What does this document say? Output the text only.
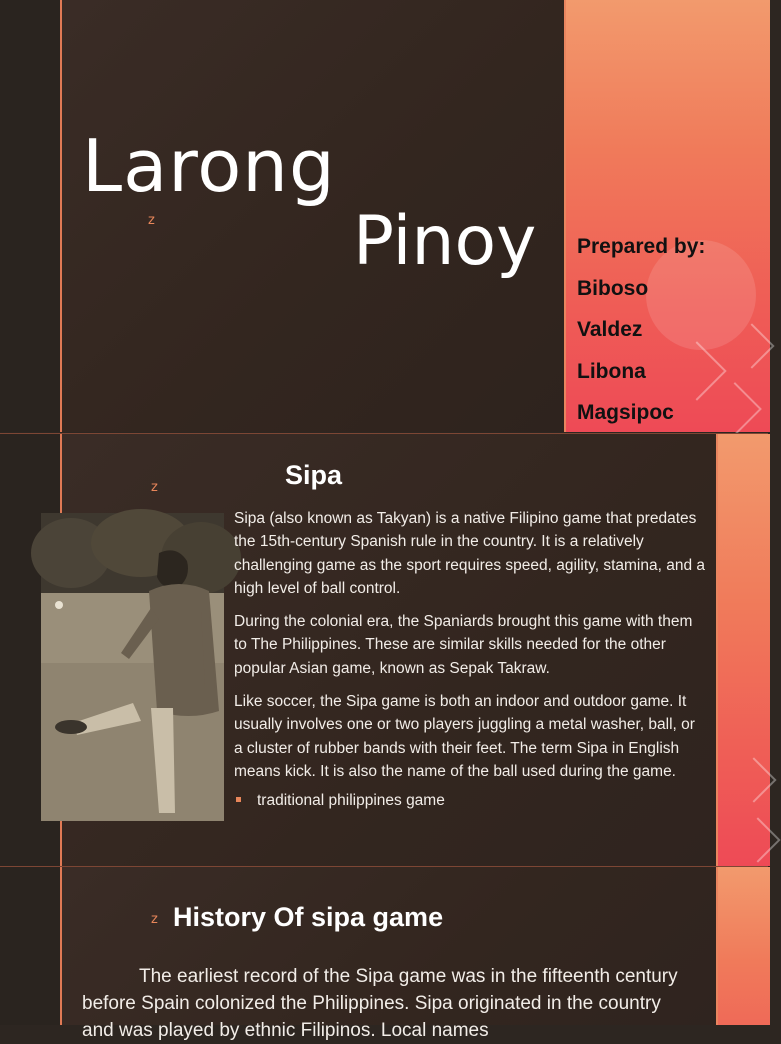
Larong
Pinoy
z
Prepared by:
Biboso
Valdez
Libona
Magsipoc
z	Sipa

Sipa (also known as Takyan) is a native Filipino game that predates the 15th-century Spanish rule in the country. It is a relatively challenging game as the sport requires speed, agility, stamina, and a high level of ball control.

During the colonial era, the Spaniards brought this game with them to The Philippines. These are similar skills needed for the other popular Asian game, known as Sepak Takraw.

Like soccer, the Sipa game is both an indoor and outdoor game. It usually involves one or two players juggling a metal washer, ball, or a cluster of rubber bands with their feet. The term Sipa in English means kick. It is also the name of the ball used during the game.

traditional philippines game
z History Of sipa game
The earliest record of the Sipa game was in the fifteenth century before Spain colonized the Philippines. Sipa originated in the country and was played by ethnic Filipinos. Local names
